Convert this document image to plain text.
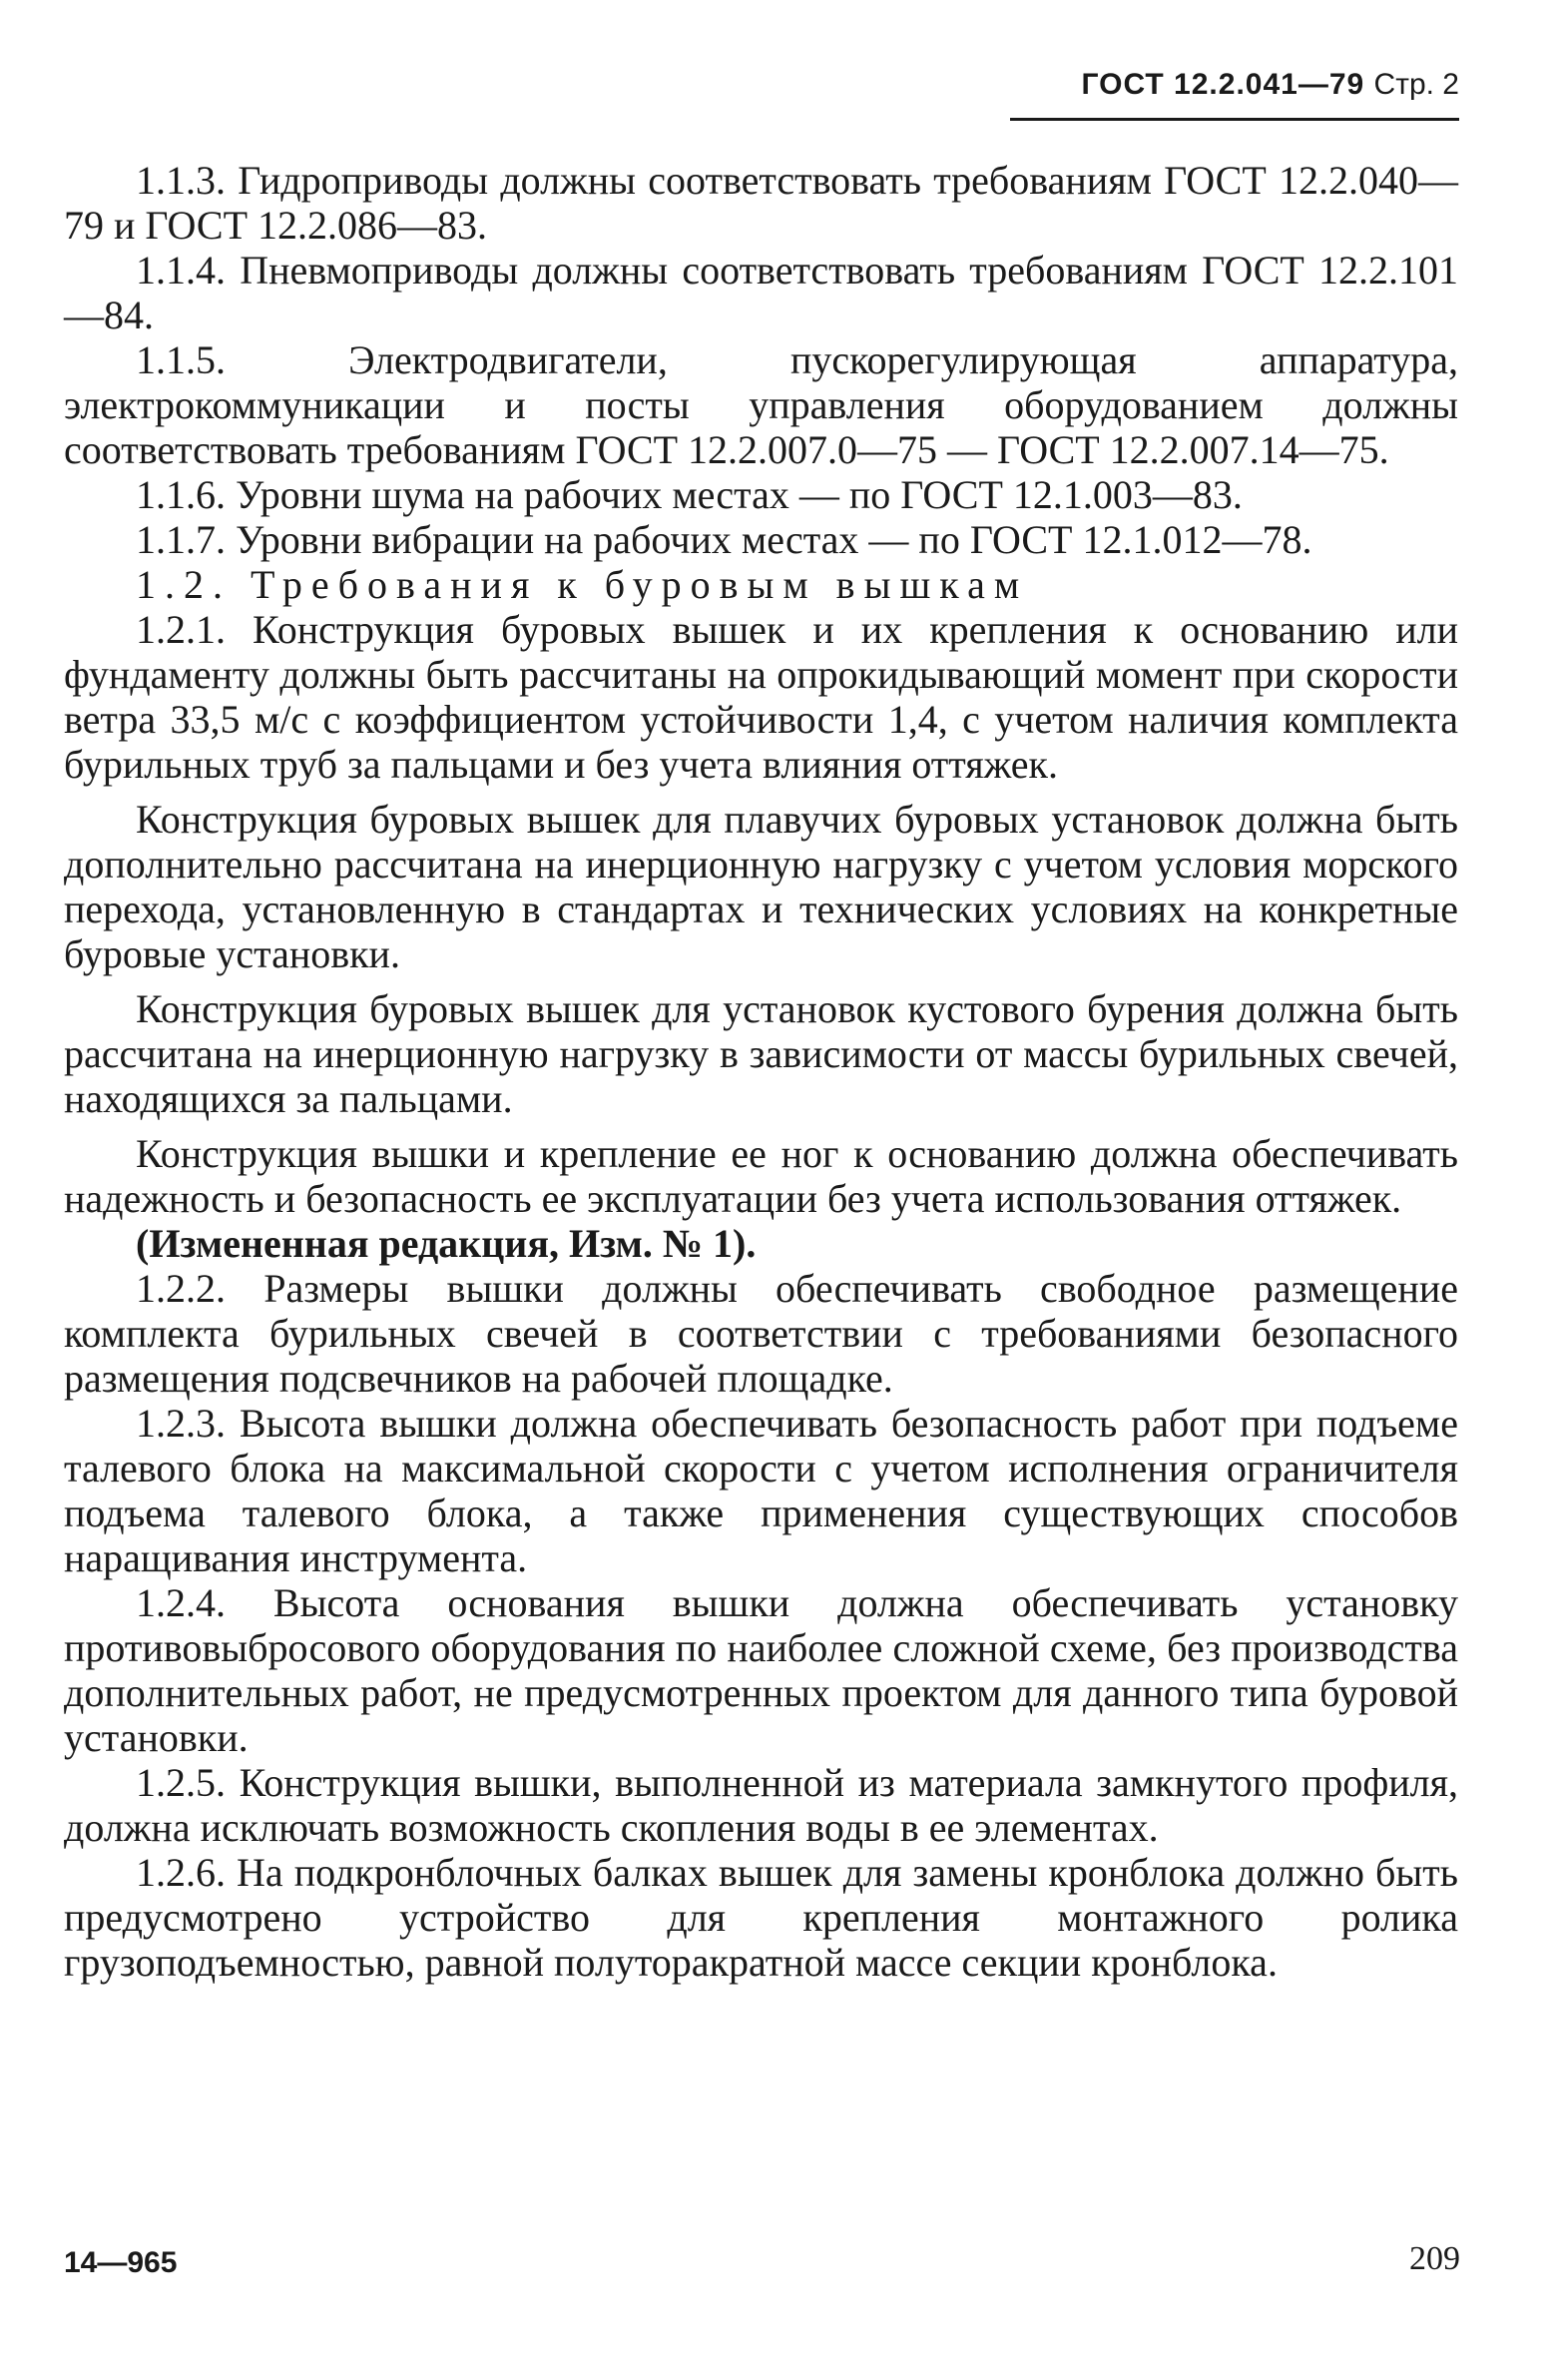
ГОСТ 12.2.041—79 Стр. 2

1.1.3. Гидроприводы должны соответствовать требованиям ГОСТ 12.2.040—79 и ГОСТ 12.2.086—83.

1.1.4. Пневмоприводы должны соответствовать требованиям ГОСТ 12.2.101—84.

1.1.5. Электродвигатели, пускорегулирующая аппаратура, электрокоммуникации и посты управления оборудованием должны соответствовать требованиям ГОСТ 12.2.007.0—75 — ГОСТ 12.2.007.14—75.

1.1.6. Уровни шума на рабочих местах — по ГОСТ 12.1.003—83.

1.1.7. Уровни вибрации на рабочих местах — по ГОСТ 12.1.012—78.

1.2. Требования к буровым вышкам

1.2.1. Конструкция буровых вышек и их крепления к основанию или фундаменту должны быть рассчитаны на опрокидывающий момент при скорости ветра 33,5 м/с с коэффициентом устойчивости 1,4, с учетом наличия комплекта бурильных труб за пальцами и без учета влияния оттяжек.

Конструкция буровых вышек для плавучих буровых установок должна быть дополнительно рассчитана на инерционную нагрузку с учетом условия морского перехода, установленную в стандартах и технических условиях на конкретные буровые установки.

Конструкция буровых вышек для установок кустового бурения должна быть рассчитана на инерционную нагрузку в зависимости от массы бурильных свечей, находящихся за пальцами.

Конструкция вышки и крепление ее ног к основанию должна обеспечивать надежность и безопасность ее эксплуатации без учета использования оттяжек.

(Измененная редакция, Изм. № 1).

1.2.2. Размеры вышки должны обеспечивать свободное размещение комплекта бурильных свечей в соответствии с требованиями безопасного размещения подсвечников на рабочей площадке.

1.2.3. Высота вышки должна обеспечивать безопасность работ при подъеме талевого блока на максимальной скорости с учетом исполнения ограничителя подъема талевого блока, а также применения существующих способов наращивания инструмента.

1.2.4. Высота основания вышки должна обеспечивать установку противовыбросового оборудования по наиболее сложной схеме, без производства дополнительных работ, не предусмотренных проектом для данного типа буровой установки.

1.2.5. Конструкция вышки, выполненной из материала замкнутого профиля, должна исключать возможность скопления воды в ее элементах.

1.2.6. На подкронблочных балках вышек для замены кронблока должно быть предусмотрено устройство для крепления монтажного ролика грузоподъемностью, равной полуторакратной массе секции кронблока.

14—965	209
